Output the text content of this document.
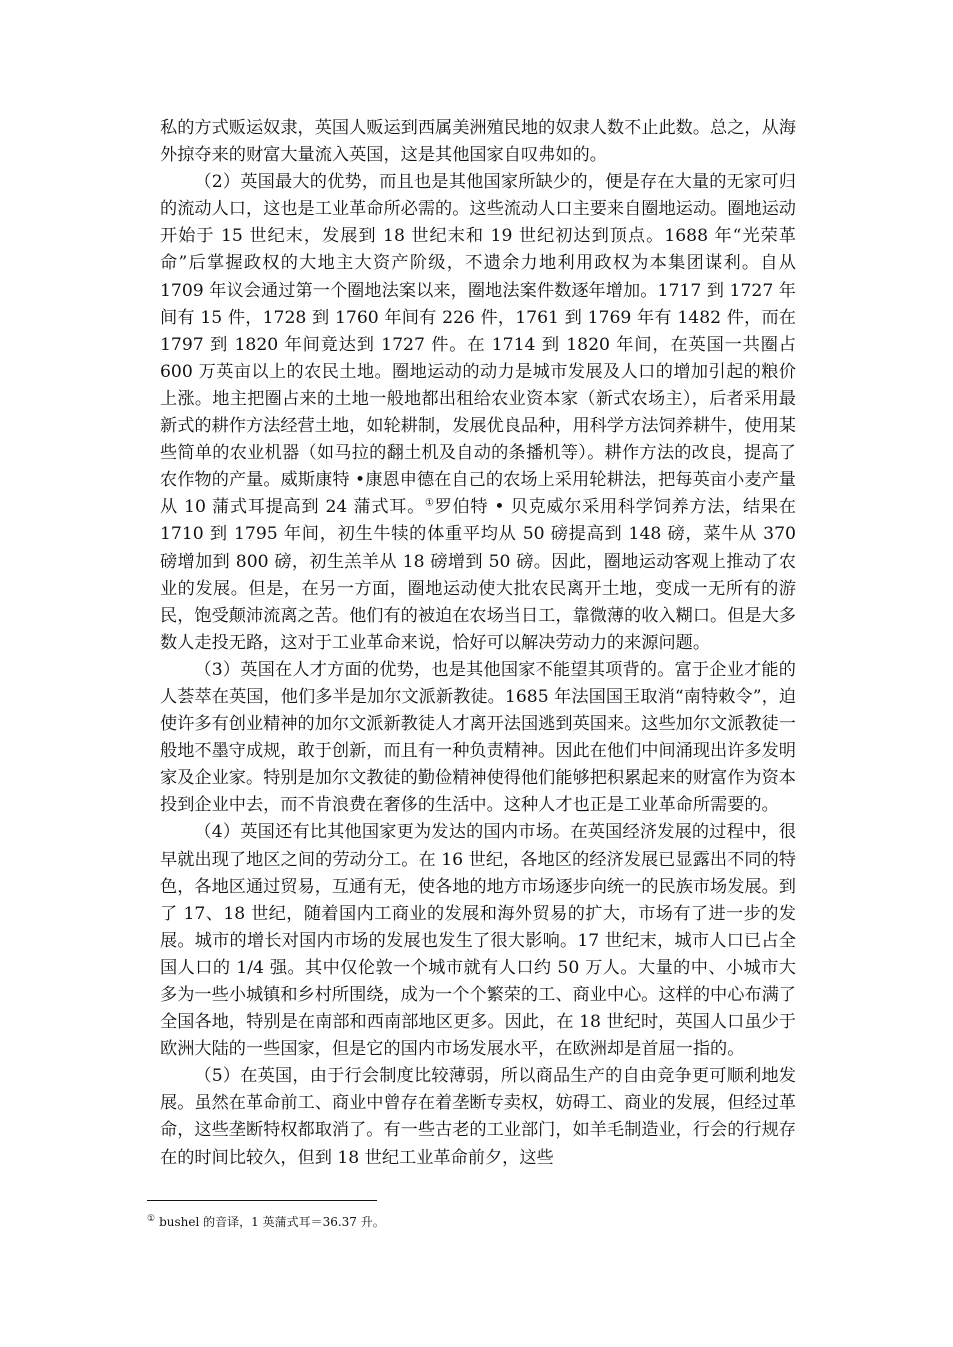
私的方式贩运奴隶，英国人贩运到西属美洲殖民地的奴隶人数不止此数。总之，从海外掠夺来的财富大量流入英国，这是其他国家自叹弗如的。

（2）英国最大的优势，而且也是其他国家所缺少的，便是存在大量的无家可归的流动人口，这也是工业革命所必需的。这些流动人口主要来自圈地运动。圈地运动开始于 15 世纪末，发展到 18 世纪末和 19 世纪初达到顶点。1688 年“光荣革命”后掌握政权的大地主大资产阶级，不遗余力地利用政权为本集团谋利。自从 1709 年议会通过第一个圈地法案以来，圈地法案件数逐年增加。1717 到 1727 年间有 15 件，1728 到 1760 年间有 226 件，1761 到 1769 年有 1482 件，而在 1797 到 1820 年间竟达到 1727 件。在 1714 到 1820 年间，在英国一共圈占 600 万英亩以上的农民土地。圈地运动的动力是城市发展及人口的增加引起的粮价上涨。地主把圈占来的土地一般地都出租给农业资本家（新式农场主），后者采用最新式的耕作方法经营土地，如轮耕制，发展优良品种，用科学方法饲养耕牛，使用某些简单的农业机器（如马拉的翻土机及自动的条播机等）。耕作方法的改良，提高了农作物的产量。威斯康特 •康恩申德在自己的农场上采用轮耕法，把每英亩小麦产量从 10 蒲式耳提高到 24 蒲式耳。①罗伯特 • 贝克威尔采用科学饲养方法，结果在 1710 到 1795 年间，初生牛犊的体重平均从 50 磅提高到 148 磅，菜牛从 370 磅增加到 800 磅，初生羔羊从 18 磅增到 50 磅。因此，圈地运动客观上推动了农业的发展。但是，在另一方面，圈地运动使大批农民离开土地，变成一无所有的游民，饱受颠沛流离之苦。他们有的被迫在农场当日工，靠微薄的收入糊口。但是大多数人走投无路，这对于工业革命来说，恰好可以解决劳动力的来源问题。

（3）英国在人才方面的优势，也是其他国家不能望其项背的。富于企业才能的人荟萃在英国，他们多半是加尔文派新教徒。1685 年法国国王取消“南特敕令”，迫使许多有创业精神的加尔文派新教徒人才离开法国逃到英国来。这些加尔文派教徒一般地不墨守成规，敢于创新，而且有一种负责精神。因此在他们中间涌现出许多发明家及企业家。特别是加尔文教徒的勤俭精神使得他们能够把积累起来的财富作为资本投到企业中去，而不肯浪费在奢侈的生活中。这种人才也正是工业革命所需要的。

（4）英国还有比其他国家更为发达的国内市场。在英国经济发展的过程中，很早就出现了地区之间的劳动分工。在 16 世纪，各地区的经济发展已显露出不同的特色，各地区通过贸易，互通有无，使各地的地方市场逐步向统一的民族市场发展。到了 17、18 世纪，随着国内工商业的发展和海外贸易的扩大，市场有了进一步的发展。城市的增长对国内市场的发展也发生了很大影响。17 世纪末，城市人口已占全国人口的 1/4 强。其中仅伦敦一个城市就有人口约 50 万人。大量的中、小城市大多为一些小城镇和乡村所围绕，成为一个个繁荣的工、商业中心。这样的中心布满了全国各地，特别是在南部和西南部地区更多。因此，在 18 世纪时，英国人口虽少于欧洲大陆的一些国家，但是它的国内市场发展水平，在欧洲却是首屈一指的。

（5）在英国，由于行会制度比较薄弱，所以商品生产的自由竞争更可顺利地发展。虽然在革命前工、商业中曾存在着垄断专卖权，妨碍工、商业的发展，但经过革命，这些垄断特权都取消了。有一些古老的工业部门，如羊毛制造业，行会的行规存在的时间比较久，但到 18 世纪工业革命前夕，这些

① bushel 的音译，1 英蒲式耳＝36.37 升。
